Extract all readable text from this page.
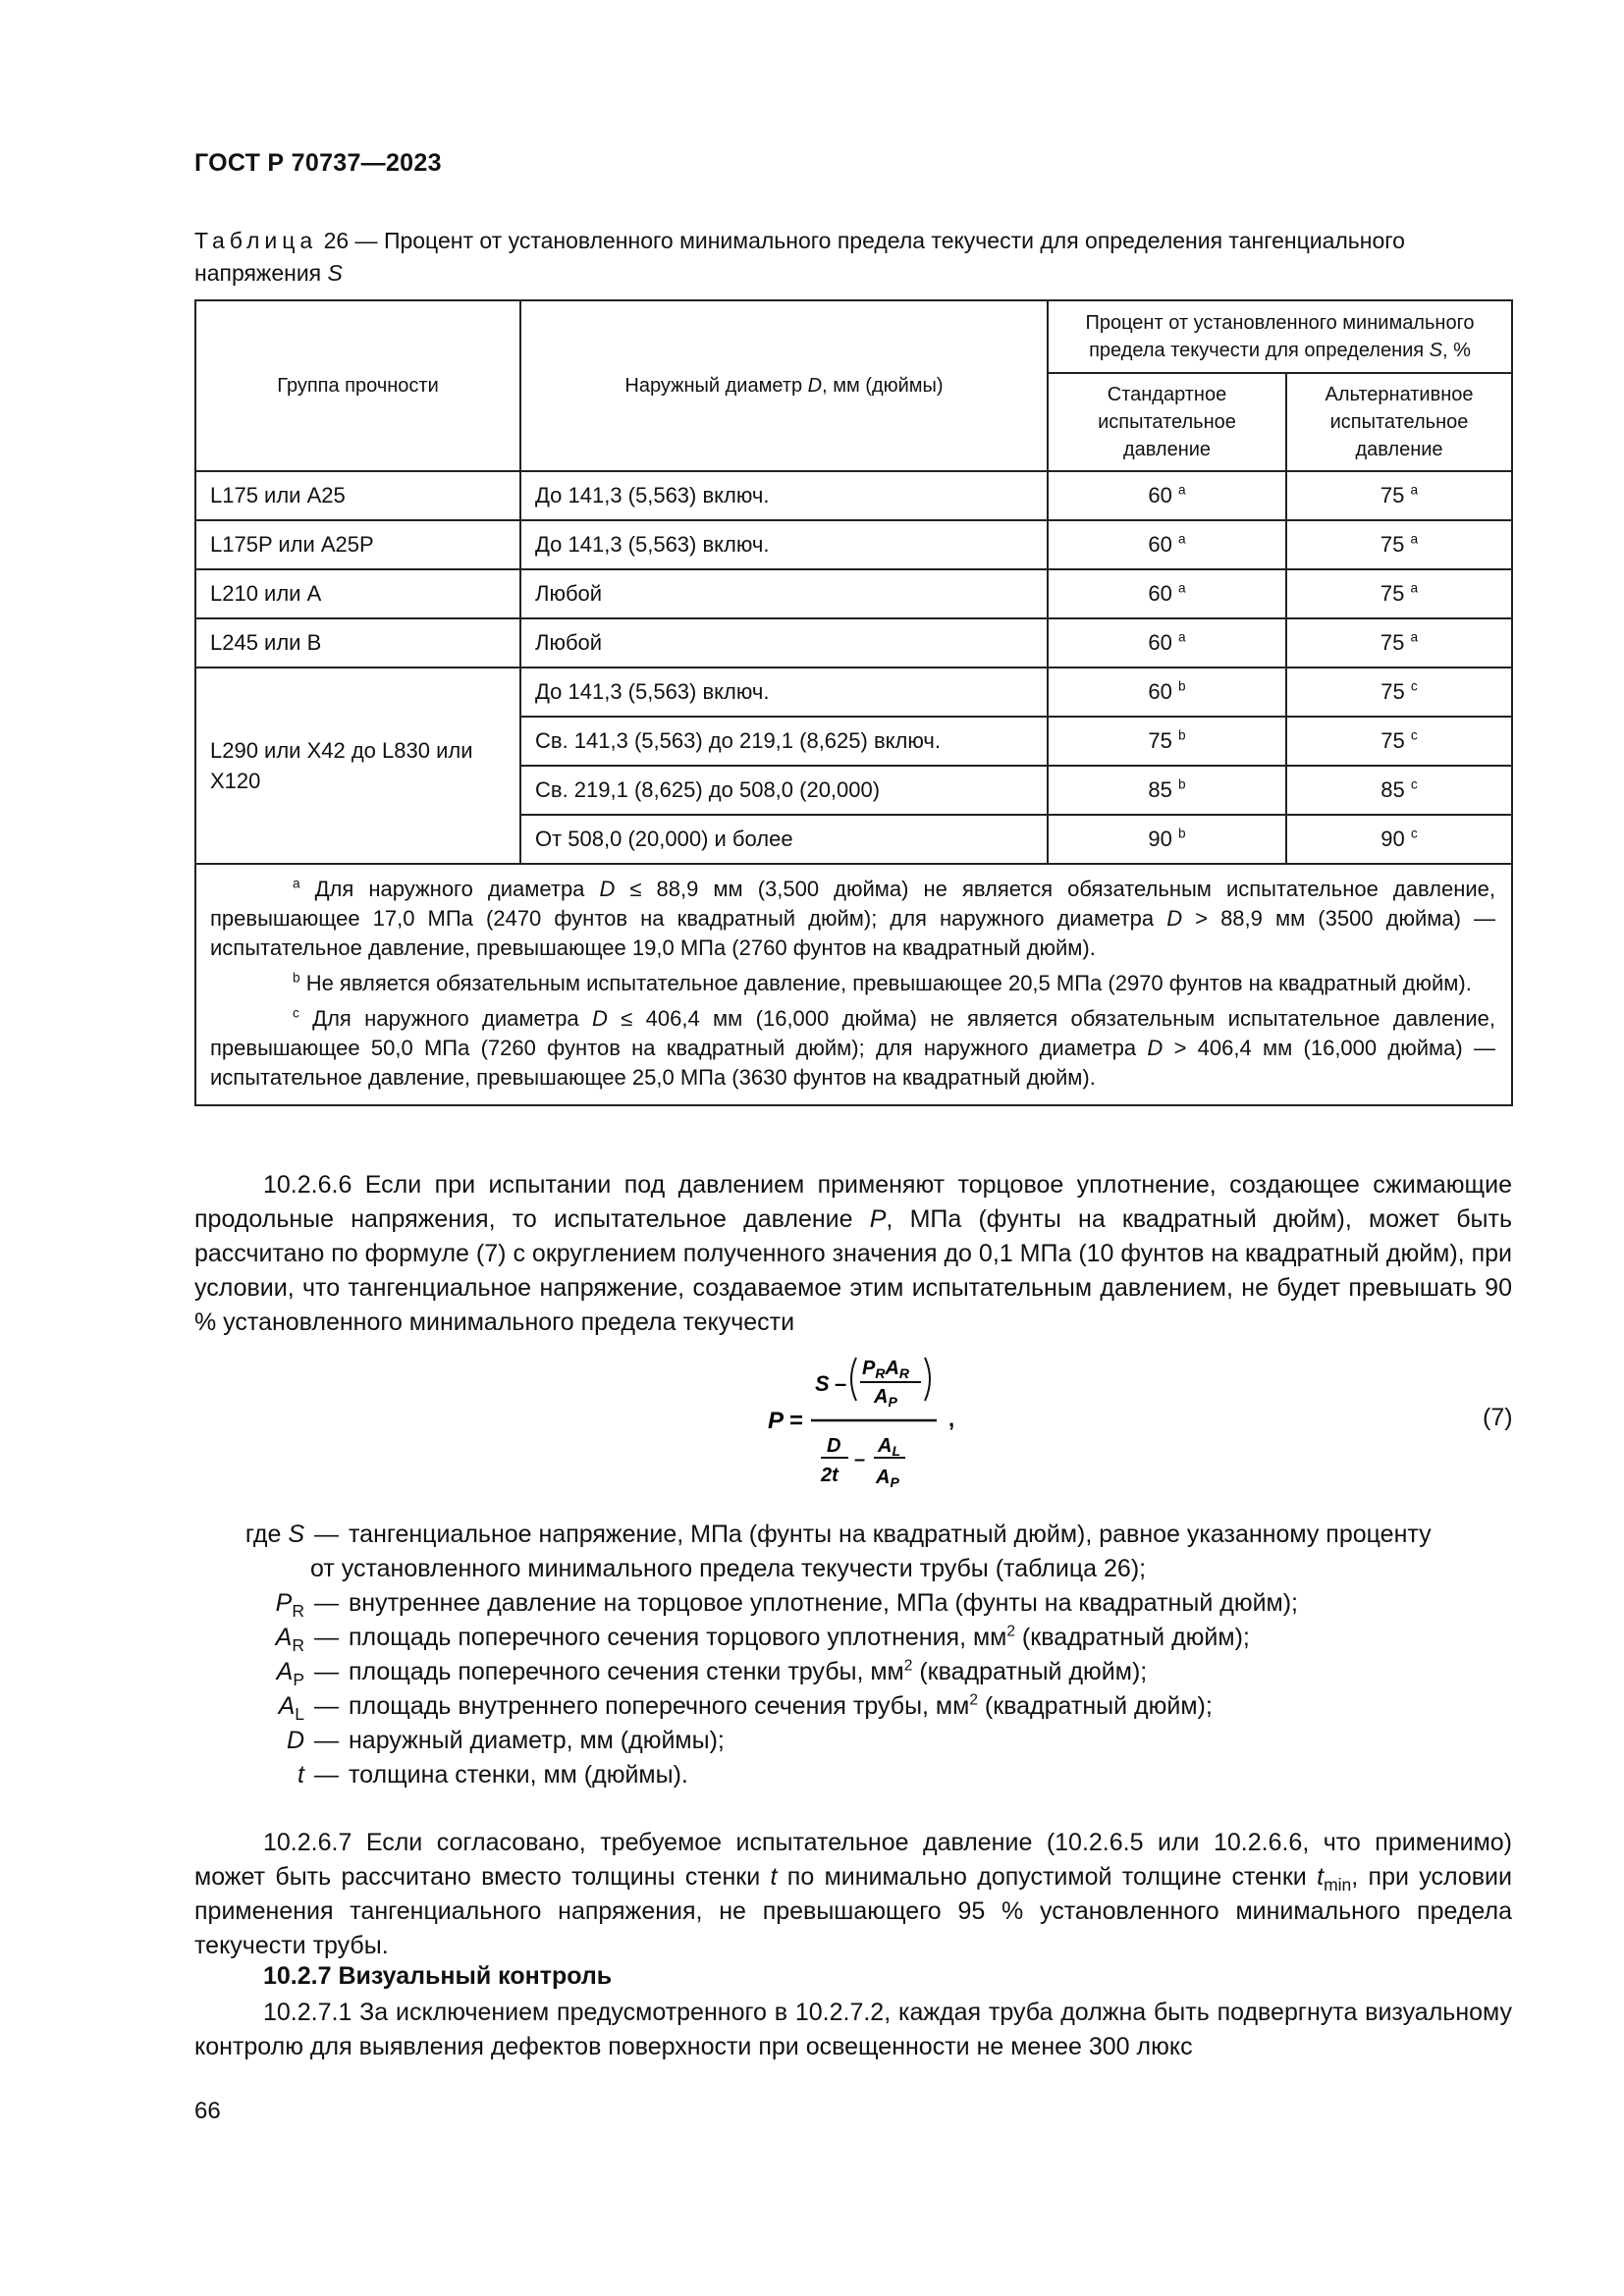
ГОСТ Р 70737—2023
Таблица 26 — Процент от установленного минимального предела текучести для определения тангенциального напряжения S
Группа прочности	Наружный диаметр D, мм (дюймы)	Процент от установленного минимального предела текучести для определения S, %	
		Стандартное испытательное давление	Альтернативное испытательное давление
L175 или А25	До 141,3 (5,563) включ.	60 $^a$	75 $^a$
L175P или А25Р	До 141,3 (5,563) включ.	60 $^a$	75 $^a$
L210 или А	Любой	60 $^a$	75 $^a$
L245 или В	Любой	60 $^a$	75 $^a$
L290 или Х42 до L830 или Х120	До 141,3 (5,563) включ.	60 $^b$	75 $^c$
	Св. 141,3 (5,563) до 219,1 (8,625) включ.	75 $^b$	75 $^c$
	Св. 219,1 (8,625) до 508,0 (20,000)	85 $^b$	85 $^c$
	От 508,0 (20,000) и более	90 $^b$	90 $^c$

$^a$ Для наружного диаметра D ≤ 88,9 мм (3,500 дюйма) не является обязательным испытательное давление, превышающее 17,0 МПа (2470 фунтов на квадратный дюйм); для наружного диаметра D > 88,9 мм (3500 дюйма) — испытательное давление, превышающее 19,0 МПа (2760 фунтов на квадратный дюйм).

$^b$ Не является обязательным испытательное давление, превышающее 20,5 МПа (2970 фунтов на квадратный дюйм).

$^c$ Для наружного диаметра D ≤ 406,4 мм (16,000 дюйма) не является обязательным испытательное давление, превышающее 50,0 МПа (7260 фунтов на квадратный дюйм); для наружного диаметра D > 406,4 мм (16,000 дюйма) — испытательное давление, превышающее 25,0 МПа (3630 фунтов на квадратный дюйм).			

10.2.6.6 Если при испытании под давлением применяют торцовое уплотнение, создающее сжимающие продольные напряжения, то испытательное давление P, МПа (фунты на квадратный дюйм), может быть рассчитано по формуле (7) с округлением полученного значения до 0,1 МПа (10 фунтов на квадратный дюйм), при условии, что тангенциальное напряжение, создаваемое этим испытательным давлением, не будет превышать 90 % установленного минимального предела текучести
P =
S –
$P_RA_R$
$A_P$
,
D
2t
–
$A_L$
$A_P$
(7)
где S — тангенциальное напряжение, МПа (фунты на квадратный дюйм), равное указанному проценту
от установленного минимального предела текучести трубы (таблица 26);
$P_R$ — внутреннее давление на торцовое уплотнение, МПа (фунты на квадратный дюйм);
$A_R$ — площадь поперечного сечения торцового уплотнения, $мм^2$ (квадратный дюйм);
$A_P$ — площадь поперечного сечения стенки трубы, $мм^2$ (квадратный дюйм);
$A_L$ — площадь внутреннего поперечного сечения трубы, $мм^2$ (квадратный дюйм);
D — наружный диаметр, мм (дюймы);
t — толщина стенки, мм (дюймы).
10.2.6.7 Если согласовано, требуемое испытательное давление (10.2.6.5 или 10.2.6.6, что применимо) может быть рассчитано вместо толщины стенки t по минимально допустимой толщине стенки $t_{min}$, при условии применения тангенциального напряжения, не превышающего 95 % установленного минимального предела текучести трубы.
10.2.7 Визуальный контроль
10.2.7.1 За исключением предусмотренного в 10.2.7.2, каждая труба должна быть подвергнута визуальному контролю для выявления дефектов поверхности при освещенности не менее 300 люкс
66
